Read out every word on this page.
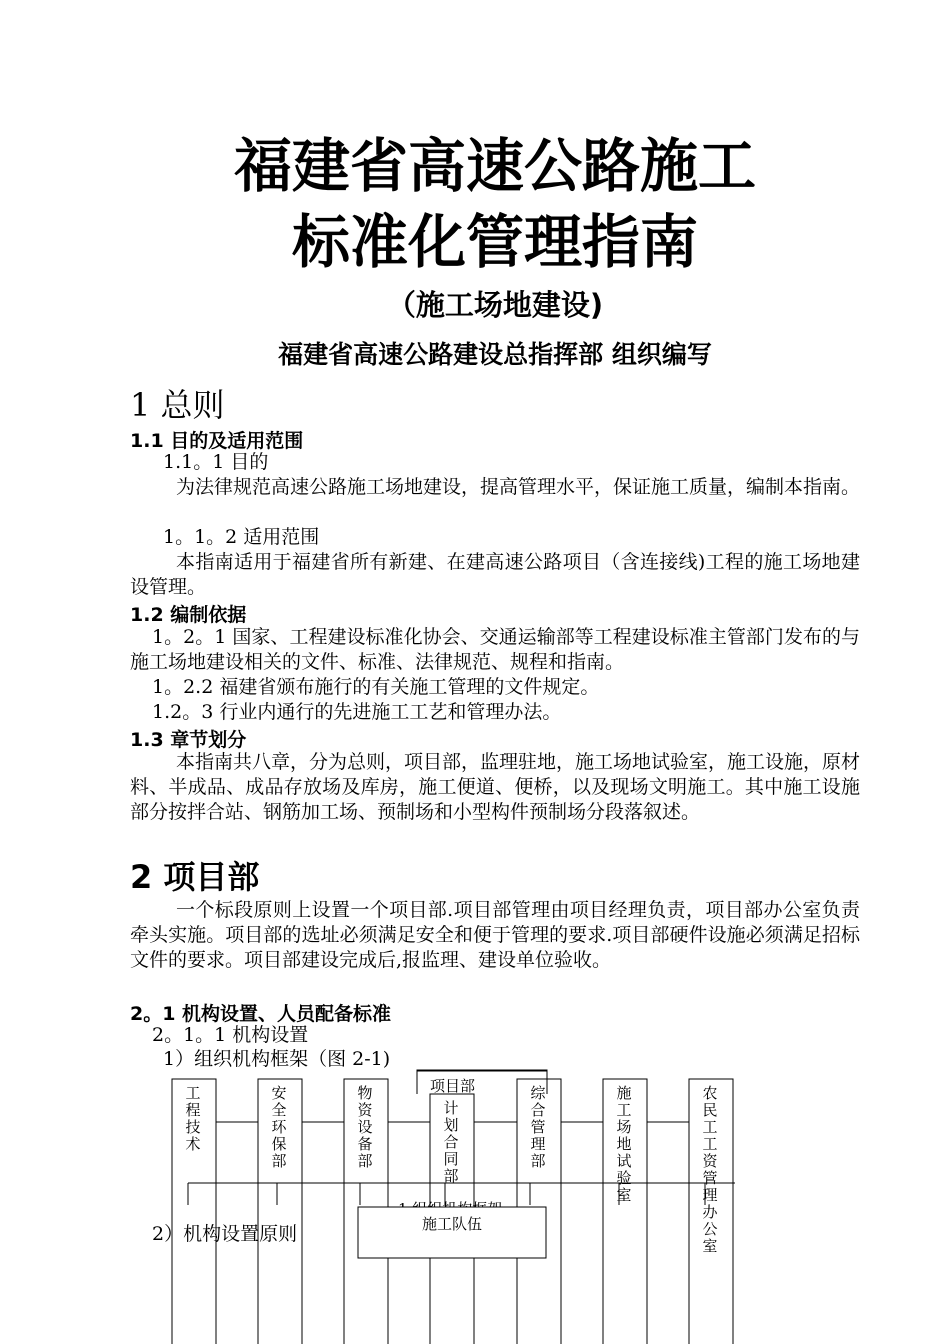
福建省高速公路施工
标准化管理指南
（施工场地建设)
福建省高速公路建设总指挥部 组织编写
1 总则
1.1 目的及适用范围
1.1。1 目的
为法律规范高速公路施工场地建设，提高管理水平，保证施工质量，编制本指南。
1。1。2 适用范围
本指南适用于福建省所有新建、在建高速公路项目（含连接线)工程的施工场地建设管理。
1.2 编制依据
1。2。1 国家、工程建设标准化协会、交通运输部等工程建设标准主管部门发布的与施工场地建设相关的文件、标准、法律规范、规程和指南。
1。2.2 福建省颁布施行的有关施工管理的文件规定。
1.2。3 行业内通行的先进施工工艺和管理办法。
1.3 章节划分
本指南共八章，分为总则，项目部，监理驻地，施工场地试验室，施工设施，原材料、半成品、成品存放场及库房，施工便道、便桥，以及现场文明施工。其中施工设施部分按拌合站、钢筋加工场、预制场和小型构件预制场分段落叙述。
2 项目部
一个标段原则上设置一个项目部.项目部管理由项目经理负责，项目部办公室负责牵头实施。项目部的选址必须满足安全和便于管理的要求.项目部硬件设施必须满足招标文件的要求。项目部建设完成后,报监理、建设单位验收。
2。1 机构设置、人员配备标准
2。1。1 机构设置
1）组织机构框架（图 2-1)
项目部
施工队伍
工程技术
安全环保部
物资设备部
计划合同部
综合管理部
施工场地试验室
农民工工资管理办公室
2）机构设置原则
